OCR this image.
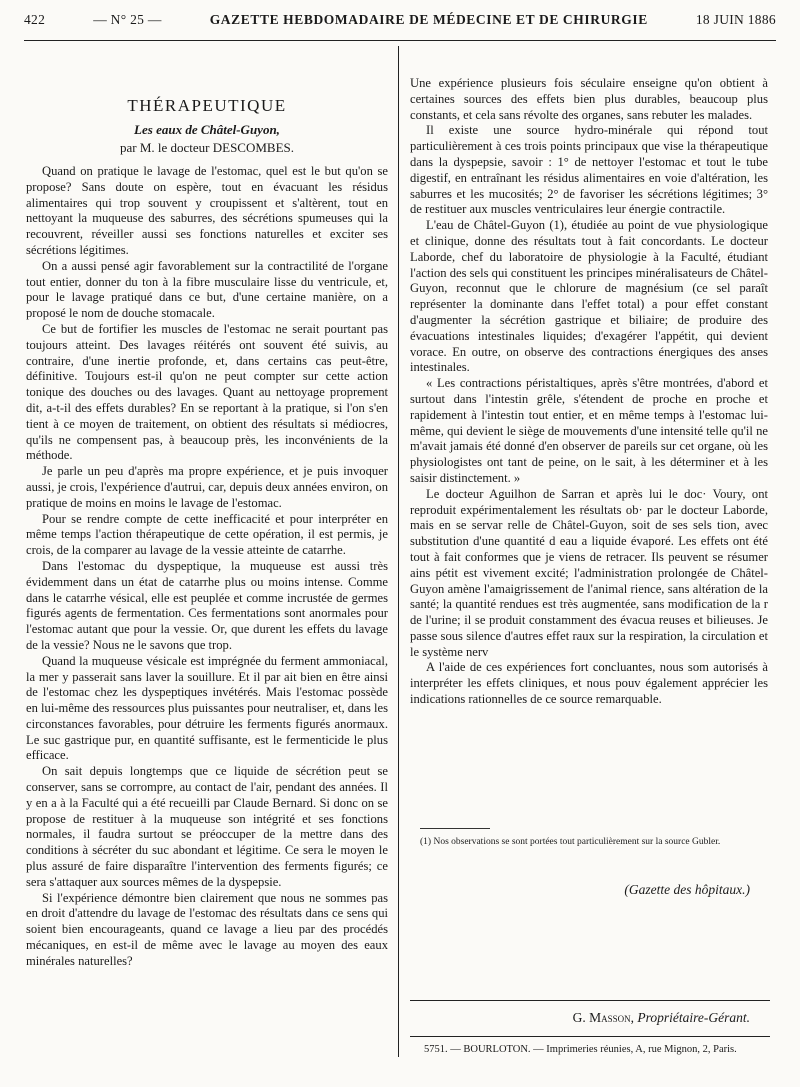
422	— N° 25 —	GAZETTE HEBDOMADAIRE DE MÉDECINE ET DE CHIRURGIE	18 JUIN 1886
THÉRAPEUTIQUE
Les eaux de Châtel-Guyon,
par M. le docteur DESCOMBES.

Quand on pratique le lavage de l'estomac, quel est le but qu'on se propose? Sans doute on espère, tout en évacuant les résidus alimentaires qui trop souvent y croupissent et s'altèrent, tout en nettoyant la muqueuse des saburres, des sécrétions spumeuses qui la recouvrent, réveiller aussi ses fonctions naturelles et exciter ses sécrétions légitimes.

On a aussi pensé agir favorablement sur la contractilité de l'organe tout entier, donner du ton à la fibre musculaire lisse du ventricule, et, pour le lavage pratiqué dans ce but, d'une certaine manière, on a proposé le nom de douche stomacale.

Ce but de fortifier les muscles de l'estomac ne serait pourtant pas toujours atteint. Des lavages réitérés ont souvent été suivis, au contraire, d'une inertie profonde, et, dans certains cas peut-être, définitive. Toujours est-il qu'on ne peut compter sur cette action tonique des douches ou des lavages. Quant au nettoyage proprement dit, a-t-il des effets durables? En se reportant à la pratique, si l'on s'en tient à ce moyen de traitement, on obtient des résultats si médiocres, qu'ils ne compensent pas, à beaucoup près, les inconvénients de la méthode.

Je parle un peu d'après ma propre expérience, et je puis invoquer aussi, je crois, l'expérience d'autrui, car, depuis deux années environ, on pratique de moins en moins le lavage de l'estomac.

Pour se rendre compte de cette inefficacité et pour interpréter en même temps l'action thérapeutique de cette opération, il est permis, je crois, de la comparer au lavage de la vessie atteinte de catarrhe.

Dans l'estomac du dyspeptique, la muqueuse est aussi très évidemment dans un état de catarrhe plus ou moins intense. Comme dans le catarrhe vésical, elle est peuplée et comme incrustée de germes figurés agents de fermentation. Ces fermentations sont anormales pour l'estomac autant que pour la vessie. Or, que durent les effets du lavage de la vessie? Nous ne le savons que trop.

Quand la muqueuse vésicale est imprégnée du ferment ammoniacal, la mer y passerait sans laver la souillure. Et il par ait bien en être ainsi de l'estomac chez les dyspeptiques invétérés. Mais l'estomac possède en lui-même des ressources plus puissantes pour neutraliser, et, dans les circonstances favorables, pour détruire les ferments figurés anormaux. Le suc gastrique pur, en quantité suffisante, est le fermenticide le plus efficace.

On sait depuis longtemps que ce liquide de sécrétion peut se conserver, sans se corrompre, au contact de l'air, pendant des années. Il y en a à la Faculté qui a été recueilli par Claude Bernard. Si donc on se propose de restituer à la muqueuse son intégrité et ses fonctions normales, il faudra surtout se préoccuper de la mettre dans des conditions à sécréter du suc abondant et légitime. Ce sera le moyen le plus assuré de faire disparaître l'intervention des ferments figurés; ce sera s'attaquer aux sources mêmes de la dyspepsie.

Si l'expérience démontre bien clairement que nous ne sommes pas en droit d'attendre du lavage de l'estomac des résultats dans ce sens qui soient bien encourageants, quand ce lavage a lieu par des procédés mécaniques, en est-il de même avec le lavage au moyen des eaux minérales naturelles?

Une expérience plusieurs fois séculaire enseigne qu'on obtient à certaines sources des effets bien plus durables, beaucoup plus constants, et cela sans révolte des organes, sans rebuter les malades.

Il existe une source hydro-minérale qui répond tout particulièrement à ces trois points principaux que vise la thérapeutique dans la dyspepsie, savoir : 1° de nettoyer l'estomac et tout le tube digestif, en entraînant les résidus alimentaires en voie d'altération, les saburres et les mucosités; 2° de favoriser les sécrétions légitimes; 3° de restituer aux muscles ventriculaires leur énergie contractile.

L'eau de Châtel-Guyon (1), étudiée au point de vue physiologique et clinique, donne des résultats tout à fait concordants. Le docteur Laborde, chef du laboratoire de physiologie à la Faculté, étudiant l'action des sels qui constituent les principes minéralisateurs de Châtel-Guyon, reconnut que le chlorure de magnésium (ce sel paraît représenter la dominante dans l'effet total) a pour effet constant d'augmenter la sécrétion gastrique et biliaire; de produire des évacuations intestinales liquides; d'exagérer l'appétit, qui devient vorace. En outre, on observe des contractions énergiques des anses intestinales.

« Les contractions péristaltiques, après s'être montrées, d'abord et surtout dans l'intestin grêle, s'étendent de proche en proche et rapidement à l'intestin tout entier, et en même temps à l'estomac lui-même, qui devient le siège de mouvements d'une intensité telle qu'il ne m'avait jamais été donné d'en observer de pareils sur cet organe, où les physiologistes ont tant de peine, on le sait, à les déterminer et à les saisir distinctement. »

Le docteur Aguilhon de Sarran et après lui le doc· Voury, ont reproduit expérimentalement les résultats ob· par le docteur Laborde, mais en se servar relle de Châtel-Guyon, soit de ses sels tion, avec substitution d'une quantité d eau a liquide évaporé. Les effets ont été tout à fait conformes que je viens de retracer. Ils peuvent se résumer ains pétit est vivement excité; l'administration prolongée de Châtel-Guyon amène l'amaigrissement de l'animal rience, sans altération de la santé; la quantité rendues est très augmentée, sans modification de la r de l'urine; il se produit constamment des évacua reuses et bilieuses. Je passe sous silence d'autres effet raux sur la respiration, la circulation et le système nerv

A l'aide de ces expériences fort concluantes, nous som autorisés à interpréter les effets cliniques, et nous pouv également apprécier les indications rationnelles de ce source remarquable.

(1) Nos observations se sont portées tout particulièrement sur la source Gubler.
(Gazette des hôpitaux.)
G. Masson, Propriétaire-Gérant.
5751. — BOURLOTON. — Imprimeries réunies, A, rue Mignon, 2, Paris.
